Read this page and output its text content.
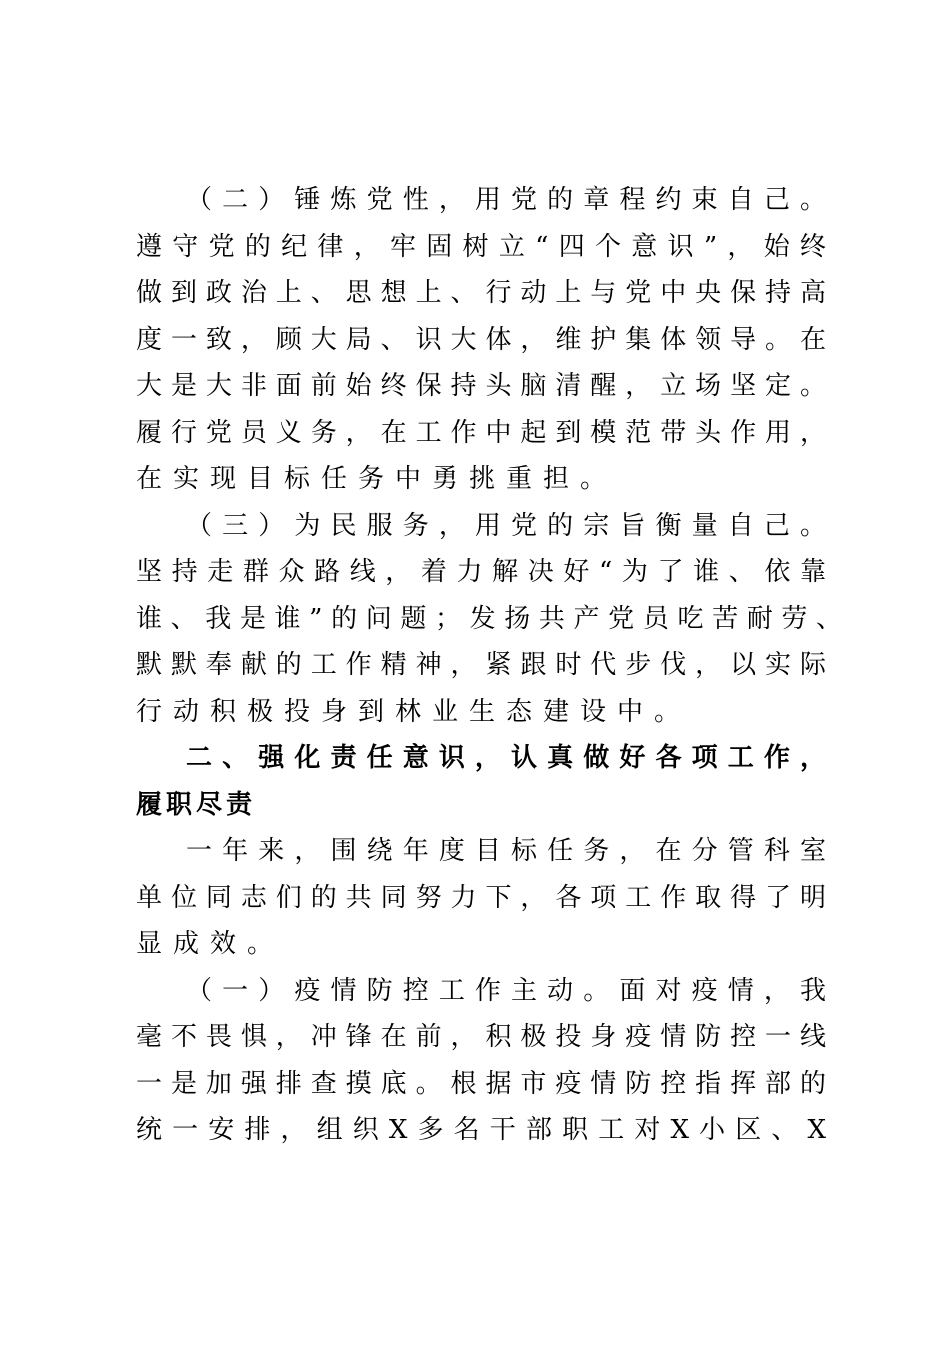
（二）锤炼党性，用党的章程约束自己。
遵守党的纪律，牢固树立“四个意识”，始终
做到政治上、思想上、行动上与党中央保持高
度一致，顾大局、识大体，维护集体领导。在
大是大非面前始终保持头脑清醒，立场坚定。
履行党员义务，在工作中起到模范带头作用，
在实现目标任务中勇挑重担。
（三）为民服务，用党的宗旨衡量自己。
坚持走群众路线，着力解决好“为了谁、依靠
谁、我是谁”的问题；发扬共产党员吃苦耐劳、
默默奉献的工作精神，紧跟时代步伐，以实际
行动积极投身到林业生态建设中。
二、强化责任意识，认真做好各项工作，
履职尽责
一年来，围绕年度目标任务，在分管科室
单位同志们的共同努力下，各项工作取得了明
显成效。
（一）疫情防控工作主动。面对疫情，我
毫不畏惧，冲锋在前，积极投身疫情防控一线
一是加强排查摸底。根据市疫情防控指挥部的
统一安排，组织X多名干部职工对X小区、X
